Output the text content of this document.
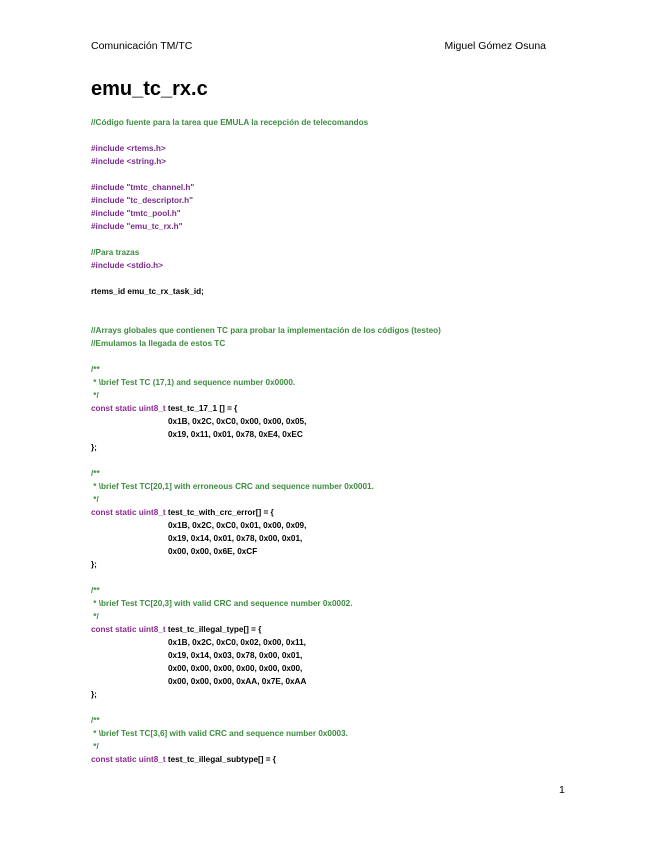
Comunicación TM/TC	Miguel Gómez Osuna
emu_tc_rx.c
//Código fuente para la tarea que EMULA la recepción de telecomandos
#include <rtems.h>
#include <string.h>
#include "tmtc_channel.h"
#include "tc_descriptor.h"
#include "tmtc_pool.h"
#include "emu_tc_rx.h"
//Para trazas
#include <stdio.h>
rtems_id emu_tc_rx_task_id;
//Arrays globales que contienen TC para probar la implementación de los códigos (testeo)
//Emulamos la llegada de estos TC
/**
* \brief Test TC (17,1) and sequence number 0x0000.
*/
const static uint8_t test_tc_17_1 [] = {
0x1B, 0x2C, 0xC0, 0x00, 0x00, 0x05,
0x19, 0x11, 0x01, 0x78, 0xE4, 0xEC
};
/**
* \brief Test TC[20,1] with erroneous CRC and sequence number 0x0001.
*/
const static uint8_t test_tc_with_crc_error[] = {
0x1B, 0x2C, 0xC0, 0x01, 0x00, 0x09,
0x19, 0x14, 0x01, 0x78, 0x00, 0x01,
0x00, 0x00, 0x6E, 0xCF
};
/**
* \brief Test TC[20,3] with valid CRC and sequence number 0x0002.
*/
const static uint8_t test_tc_illegal_type[] = {
0x1B, 0x2C, 0xC0, 0x02, 0x00, 0x11,
0x19, 0x14, 0x03, 0x78, 0x00, 0x01,
0x00, 0x00, 0x00, 0x00, 0x00, 0x00,
0x00, 0x00, 0x00, 0xAA, 0x7E, 0xAA
};
/**
* \brief Test TC[3,6] with valid CRC and sequence number 0x0003.
*/
const static uint8_t test_tc_illegal_subtype[] = {
1
